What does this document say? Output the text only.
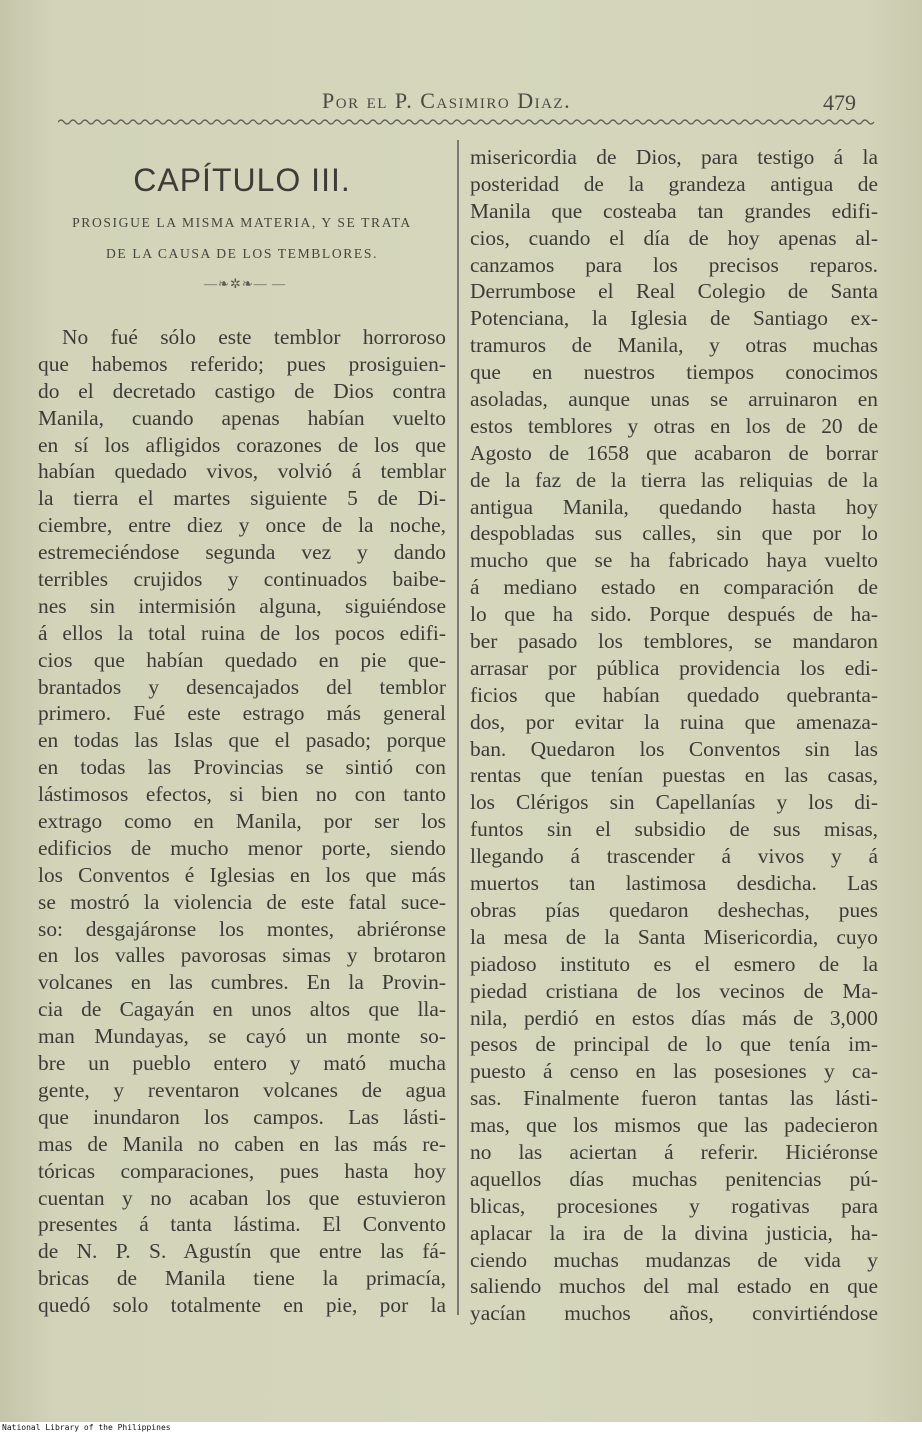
Por el P. Casimiro Diaz.	479
CAPÍTULO III.
PROSIGUE LA MISMA MATERIA, Y SE TRATA
DE LA CAUSA DE LOS TEMBLORES.
—❧✲❧— —
No fué sólo este temblor horroroso
que habemos referido; pues prosiguien-
do el decretado castigo de Dios contra
Manila, cuando apenas habían vuelto
en sí los afligidos corazones de los que
habían quedado vivos, volvió á temblar
la tierra el martes siguiente 5 de Di-
ciembre, entre diez y once de la noche,
estremeciéndose segunda vez y dando
terribles crujidos y continuados baibe-
nes sin intermisión alguna, siguiéndose
á ellos la total ruina de los pocos edifi-
cios que habían quedado en pie que-
brantados y desencajados del temblor
primero. Fué este estrago más general
en todas las Islas que el pasado; porque
en todas las Provincias se sintió con
lástimosos efectos, si bien no con tanto
extrago como en Manila, por ser los
edificios de mucho menor porte, siendo
los Conventos é Iglesias en los que más
se mostró la violencia de este fatal suce-
so: desgajáronse los montes, abriéronse
en los valles pavorosas simas y brotaron
volcanes en las cumbres. En la Provin-
cia de Cagayán en unos altos que lla-
man Mundayas, se cayó un monte so-
bre un pueblo entero y mató mucha
gente, y reventaron volcanes de agua
que inundaron los campos. Las lásti-
mas de Manila no caben en las más re-
tóricas comparaciones, pues hasta hoy
cuentan y no acaban los que estuvieron
presentes á tanta lástima. El Convento
de N. P. S. Agustín que entre las fá-
bricas de Manila tiene la primacía,
quedó solo totalmente en pie, por la
misericordia de Dios, para testigo á la
posteridad de la grandeza antigua de
Manila que costeaba tan grandes edifi-
cios, cuando el día de hoy apenas al-
canzamos para los precisos reparos.
Derrumbose el Real Colegio de Santa
Potenciana, la Iglesia de Santiago ex-
tramuros de Manila, y otras muchas
que en nuestros tiempos conocimos
asoladas, aunque unas se arruinaron en
estos temblores y otras en los de 20 de
Agosto de 1658 que acabaron de borrar
de la faz de la tierra las reliquias de la
antigua Manila, quedando hasta hoy
despobladas sus calles, sin que por lo
mucho que se ha fabricado haya vuelto
á mediano estado en comparación de
lo que ha sido. Porque después de ha-
ber pasado los temblores, se mandaron
arrasar por pública providencia los edi-
ficios que habían quedado quebranta-
dos, por evitar la ruina que amenaza-
ban. Quedaron los Conventos sin las
rentas que tenían puestas en las casas,
los Clérigos sin Capellanías y los di-
funtos sin el subsidio de sus misas,
llegando á trascender á vivos y á
muertos tan lastimosa desdicha. Las
obras pías quedaron deshechas, pues
la mesa de la Santa Misericordia, cuyo
piadoso instituto es el esmero de la
piedad cristiana de los vecinos de Ma-
nila, perdió en estos días más de 3,000
pesos de principal de lo que tenía im-
puesto á censo en las posesiones y ca-
sas. Finalmente fueron tantas las lásti-
mas, que los mismos que las padecieron
no las aciertan á referir. Hiciéronse
aquellos días muchas penitencias pú-
blicas, procesiones y rogativas para
aplacar la ira de la divina justicia, ha-
ciendo muchas mudanzas de vida y
saliendo muchos del mal estado en que
yacían muchos años, convirtiéndose
National Library of the Philippines
